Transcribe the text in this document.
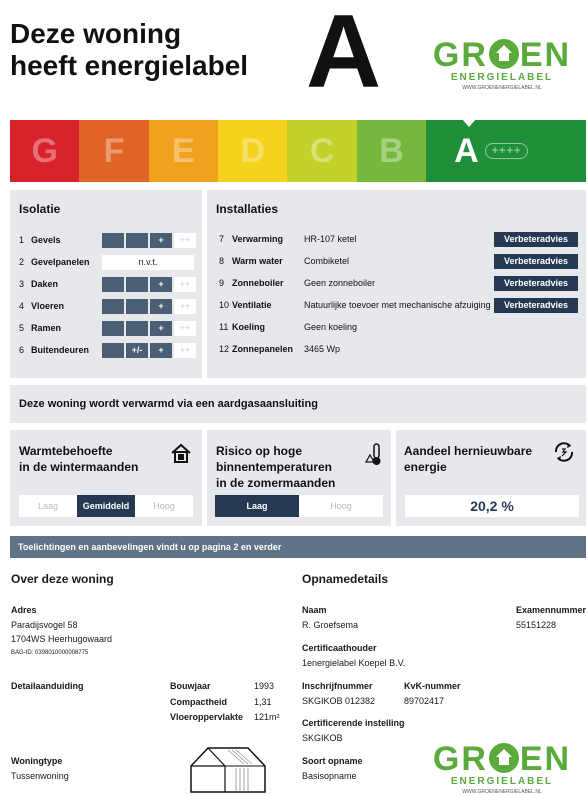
Deze woning
heeft energielabel A	GR EN
ENERGIELABEL
WWW.GROENENERGIELABEL.NL
G F E D C B A	++++
Isolatie
1 Gevels	+	++
2 Gevelpanelen	n.v.t.
3 Daken	+	++
4 Vloeren	+	++
5 Ramen	+	++
6 Buitendeuren	+/-	+	++
Installaties
Deze woning wordt verwarmd via een aardgasaansluiting
Warmtebehoefte
in de wintermaanden
Laag	Gemiddeld	Hoog
Risico op hoge
binnentemperaturen
in de zomermaanden
Laag	Hoog
Aandeel hernieuwbare
energie
20,2 %
Toelichtingen en aanbevelingen vindt u op pagina 2 en verder
Over deze woning
Adres
Paradijsvogel 58
1704WS Heerhugowaard
BAG-ID: 0398010000008775
Detailaanduiding	Bouwjaar	1993
Compactheid	1,31
Vloeroppervlakte 121m²
Woningtype
Tussenwoning
Opnamedetails
Naam
R. Groefsema
Examennummer
55151228
Certificaathouder
1energielabel Koepel B.V.
Inschrijfnummer
SKGIKOB 012382
KvK-nummer
89702417
Certificerende instelling
SKGIKOB
Soort opname
Basisopname	GR EN
ENERGIELABEL
WWW.GROENENERGIELABEL.NL
7 Verwarming HR-107 ketel	Verbeteradvies
8 Warm water Combiketel	Verbeteradvies
9 Zonneboiler Geen zonneboiler	Verbeteradvies
10 Ventilatie	Natuurlijke toevoer met mechanische afzuiging	Verbeteradvies
11 Koeling	Geen koeling
12 Zonnepanelen 3465 Wp
